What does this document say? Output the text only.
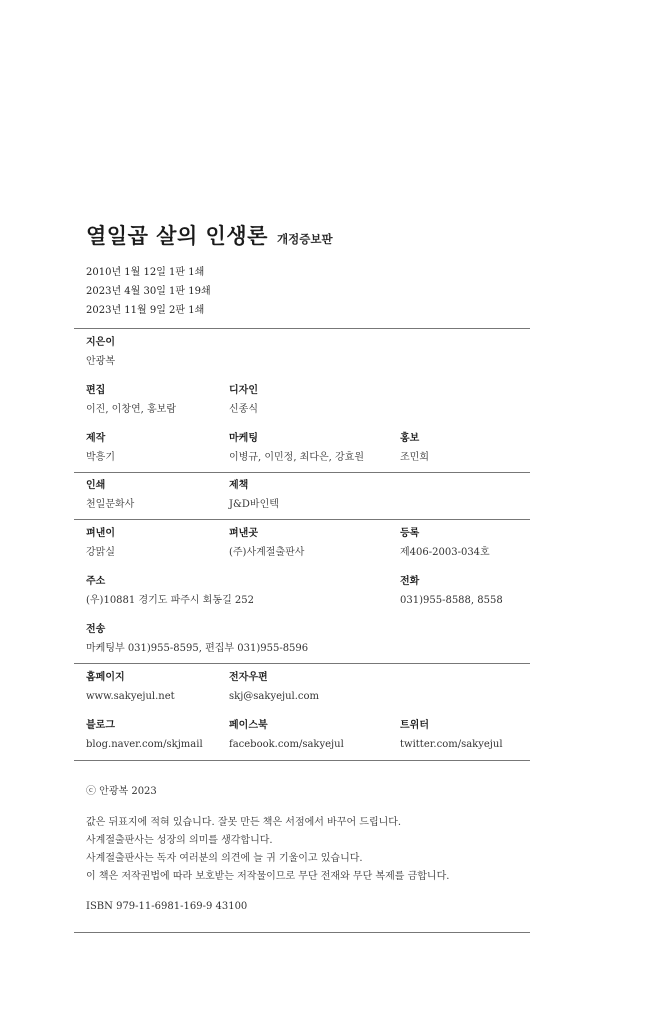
열일곱 살의 인생론 개정증보판
2010년 1월 12일 1판 1쇄
2023년 4월 30일 1판 19쇄
2023년 11월 9일 2판 1쇄
지은이
안광복
편집
이진, 이창연, 홍보람
디자인
신종식
제작
박흥기
마케팅
이병규, 이민정, 최다은, 강효원
홍보
조민희
인쇄
천일문화사
제책
J&D바인텍
펴낸이
강맑실
펴낸곳
(주)사계절출판사
등록
제406-2003-034호
주소
(우)10881 경기도 파주시 회동길 252
전화
031)955-8588, 8558
전송
마케팅부 031)955-8595, 편집부 031)955-8596
홈페이지
www.sakyejul.net
전자우편
skj@sakyejul.com
블로그
blog.naver.com/skjmail
페이스북
facebook.com/sakyejul
트위터
twitter.com/sakyejul
ⓒ 안광복 2023
값은 뒤표지에 적혀 있습니다. 잘못 만든 책은 서점에서 바꾸어 드립니다.
사계절출판사는 성장의 의미를 생각합니다.
사계절출판사는 독자 여러분의 의견에 늘 귀 기울이고 있습니다.
이 책은 저작권법에 따라 보호받는 저작물이므로 무단 전재와 무단 복제를 금합니다.
ISBN 979-11-6981-169-9 43100
